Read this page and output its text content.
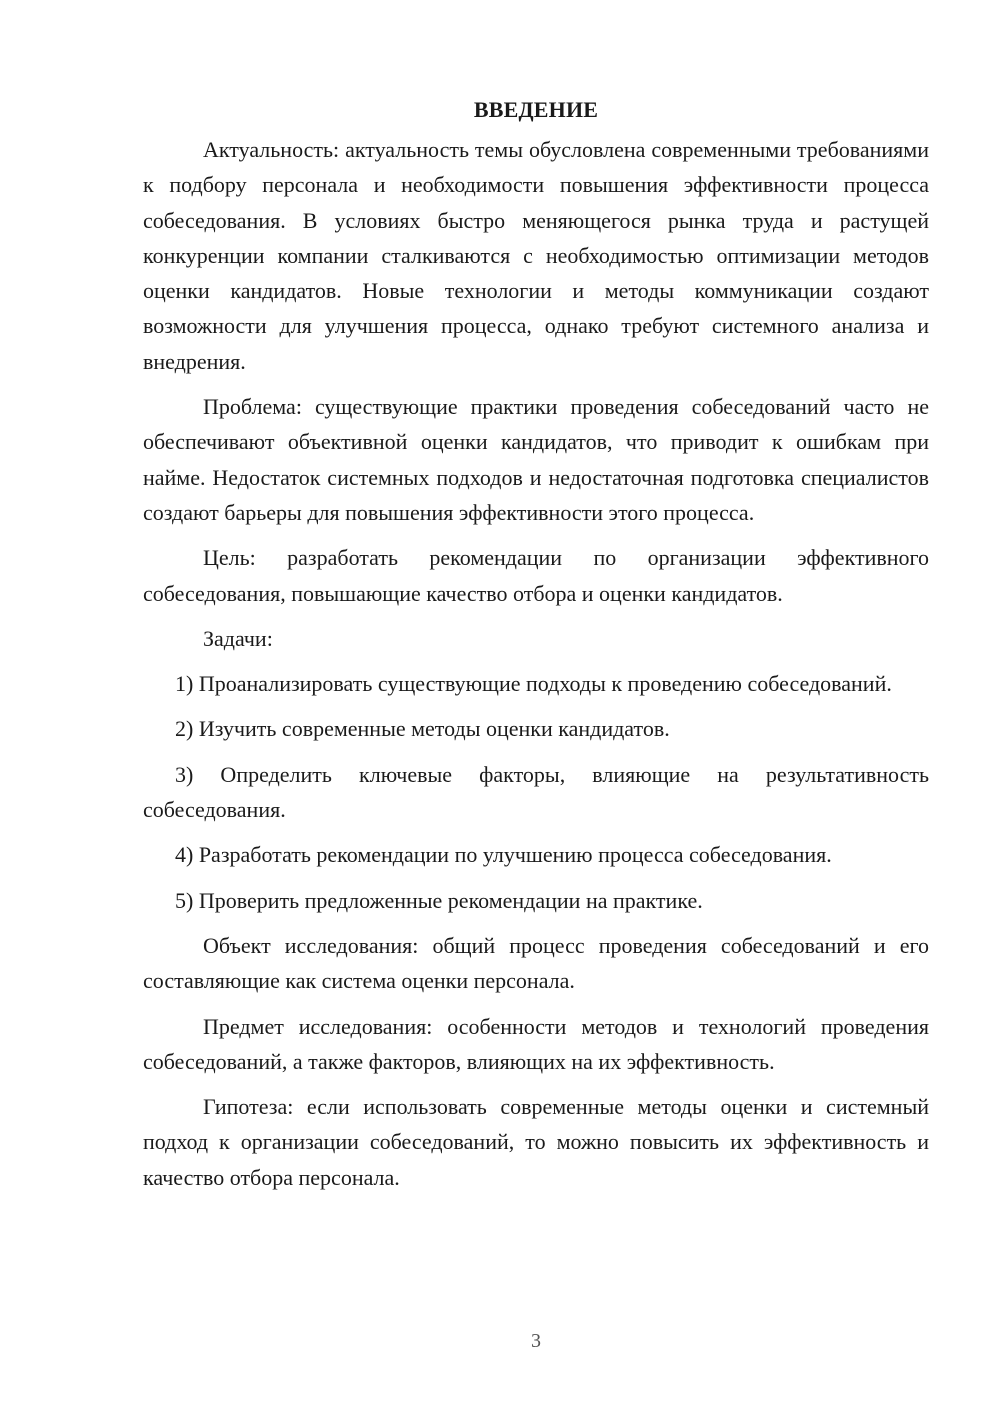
ВВЕДЕНИЕ

Актуальность: актуальность темы обусловлена современными требованиями к подбору персонала и необходимости повышения эффективности процесса собеседования. В условиях быстро меняющегося рынка труда и растущей конкуренции компании сталкиваются с необходимостью оптимизации методов оценки кандидатов. Новые технологии и методы коммуникации создают возможности для улучшения процесса, однако требуют системного анализа и внедрения.

Проблема: существующие практики проведения собеседований часто не обеспечивают объективной оценки кандидатов, что приводит к ошибкам при найме. Недостаток системных подходов и недостаточная подготовка специалистов создают барьеры для повышения эффективности этого процесса.

Цель: разработать рекомендации по организации эффективного собеседования, повышающие качество отбора и оценки кандидатов.

Задачи:

1) Проанализировать существующие подходы к проведению собеседований.

2) Изучить современные методы оценки кандидатов.

3) Определить ключевые факторы, влияющие на результативность собеседования.

4) Разработать рекомендации по улучшению процесса собеседования.

5) Проверить предложенные рекомендации на практике.

Объект исследования: общий процесс проведения собеседований и его составляющие как система оценки персонала.

Предмет исследования: особенности методов и технологий проведения собеседований, а также факторов, влияющих на их эффективность.

Гипотеза: если использовать современные методы оценки и системный подход к организации собеседований, то можно повысить их эффективность и качество отбора персонала.

3
